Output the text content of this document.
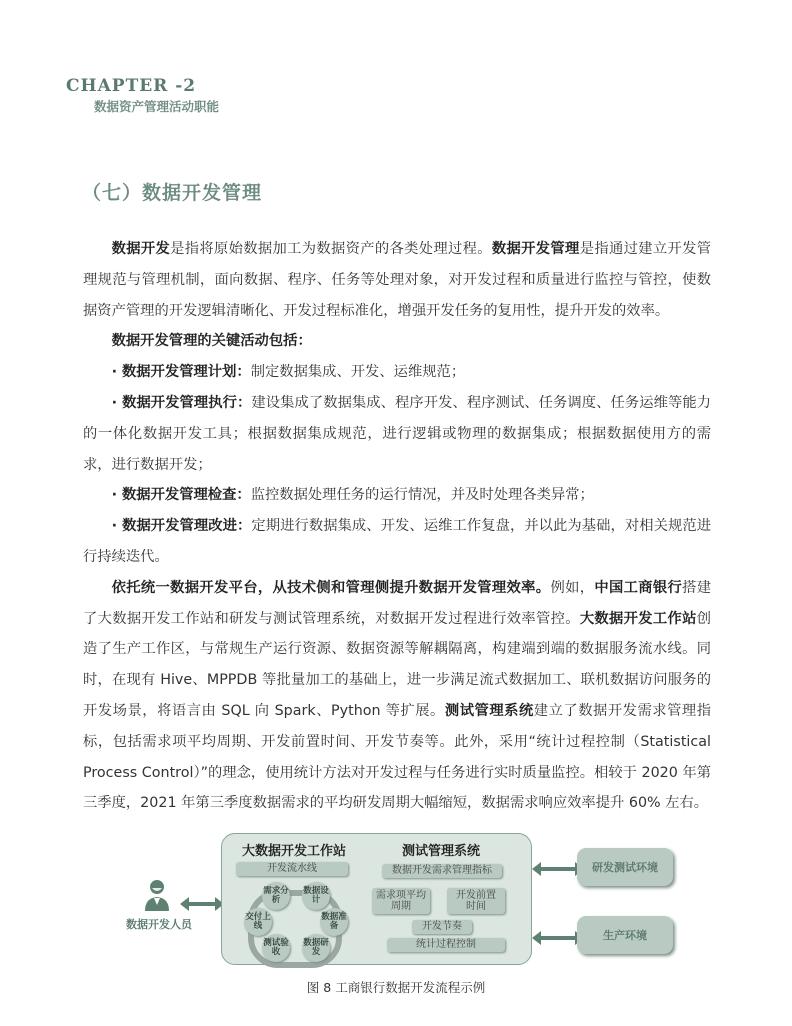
CHAPTER -2
数据资产管理活动职能
（七）数据开发管理

数据开发是指将原始数据加工为数据资产的各类处理过程。数据开发管理是指通过建立开发管理规范与管理机制，面向数据、程序、任务等处理对象，对开发过程和质量进行监控与管控，使数据资产管理的开发逻辑清晰化、开发过程标准化，增强开发任务的复用性，提升开发的效率。

数据开发管理的关键活动包括：

· 数据开发管理计划：制定数据集成、开发、运维规范；

· 数据开发管理执行：建设集成了数据集成、程序开发、程序测试、任务调度、任务运维等能力的一体化数据开发工具；根据数据集成规范，进行逻辑或物理的数据集成；根据数据使用方的需求，进行数据开发；

· 数据开发管理检查：监控数据处理任务的运行情况，并及时处理各类异常；

· 数据开发管理改进：定期进行数据集成、开发、运维工作复盘，并以此为基础，对相关规范进行持续迭代。

依托统一数据开发平台，从技术侧和管理侧提升数据开发管理效率。例如，中国工商银行搭建了大数据开发工作站和研发与测试管理系统，对数据开发过程进行效率管控。大数据开发工作站创造了生产工作区，与常规生产运行资源、数据资源等解耦隔离，构建端到端的数据服务流水线。同时，在现有 Hive、MPPDB 等批量加工的基础上，进一步满足流式数据加工、联机数据访问服务的开发场景，将语言由 SQL 向 Spark、Python 等扩展。测试管理系统建立了数据开发需求管理指标，包括需求项平均周期、开发前置时间、开发节奏等。此外，采用“统计过程控制（Statistical Process Control）”的理念，使用统计方法对开发过程与任务进行实时质量监控。相较于 2020 年第三季度，2021 年第三季度数据需求的平均研发周期大幅缩短，数据需求响应效率提升 60% 左右。

数据开发人员
大数据开发工作站
开发流水线
需求分析
数据设计
数据准备
数据研发
测试验收
交付上线
测试管理系统
数据开发需求管理指标
需求项平均周期
开发前置时间
开发节奏
统计过程控制
研发测试环境
生产环境
图 8 工商银行数据开发流程示例
